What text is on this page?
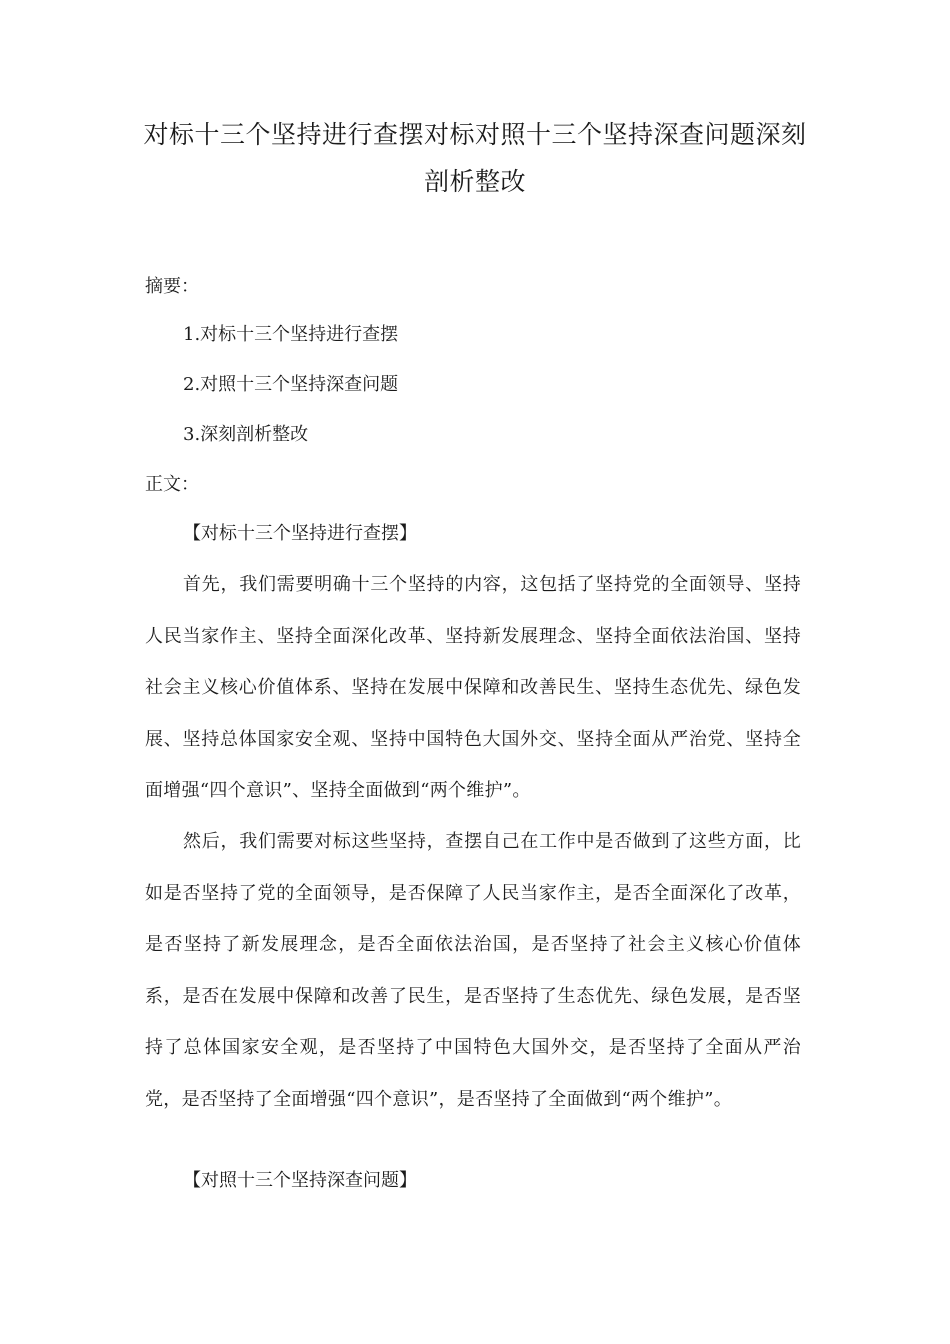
对标十三个坚持进行查摆对标对照十三个坚持深查问题深刻剖析整改

摘要：

1.对标十三个坚持进行查摆

2.对照十三个坚持深查问题

3.深刻剖析整改

正文：

【对标十三个坚持进行查摆】

首先，我们需要明确十三个坚持的内容，这包括了坚持党的全面领导、坚持人民当家作主、坚持全面深化改革、坚持新发展理念、坚持全面依法治国、坚持社会主义核心价值体系、坚持在发展中保障和改善民生、坚持生态优先、绿色发展、坚持总体国家安全观、坚持中国特色大国外交、坚持全面从严治党、坚持全面增强“四个意识”、坚持全面做到“两个维护”。

然后，我们需要对标这些坚持，查摆自己在工作中是否做到了这些方面，比如是否坚持了党的全面领导，是否保障了人民当家作主，是否全面深化了改革，是否坚持了新发展理念，是否全面依法治国，是否坚持了社会主义核心价值体系，是否在发展中保障和改善了民生，是否坚持了生态优先、绿色发展，是否坚持了总体国家安全观，是否坚持了中国特色大国外交，是否坚持了全面从严治党，是否坚持了全面增强“四个意识”，是否坚持了全面做到“两个维护”。

【对照十三个坚持深查问题】
